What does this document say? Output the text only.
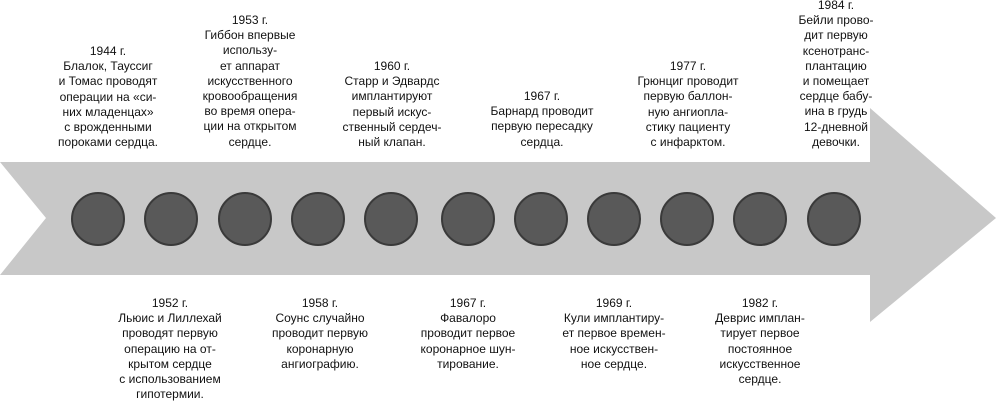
1944 г.
Блалок, Тауссиг
и Томас проводят
операции на «си-
них младенцах»
с врожденными
пороками сердца.
1953 г.
Гиббон впервые
использу-
ет аппарат
искусственного
кровообращения
во время опера-
ции на открытом
сердце.
1960 г.
Старр и Эдвардс
имплантируют
первый искус-
ственный сердеч-
ный клапан.
1967 г.
Барнард проводит
первую пересадку
сердца.
1977 г.
Грюнциг проводит
первую баллон-
ную ангиопла-
стику пациенту
с инфарктом.
1984 г.
Бейли прово-
дит первую
ксенотранс-
плантацию
и помещает
сердце бабу-
ина в грудь
12-дневной
девочки.
1952 г.
Льюис и Лиллехай
проводят первую
операцию на от-
крытом сердце
с использованием
гипотермии.
1958 г.
Соунс случайно
проводит первую
коронарную
ангиографию.
1967 г.
Фавалоро
проводит первое
коронарное шун-
тирование.
1969 г.
Кули имплантиру-
ет первое времен-
ное искусствен-
ное сердце.
1982 г.
Деврис имплан-
тирует первое
постоянное
искусственное
сердце.
